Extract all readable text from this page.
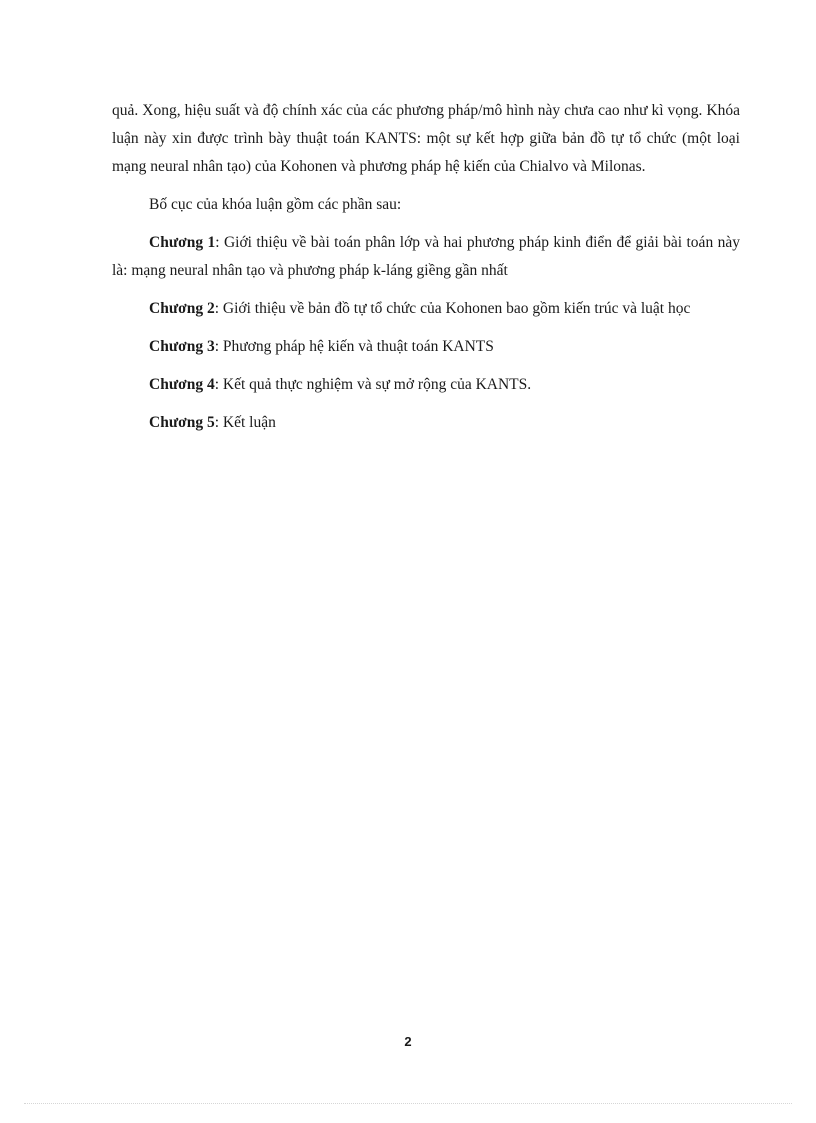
quả. Xong, hiệu suất và độ chính xác của các phương pháp/mô hình này chưa cao như kì vọng. Khóa luận này xin được trình bày thuật toán KANTS: một sự kết hợp giữa bản đồ tự tổ chức (một loại mạng neural nhân tạo) của Kohonen và phương pháp hệ kiến của Chialvo và Milonas.

Bố cục của khóa luận gồm các phần sau:

Chương 1: Giới thiệu về bài toán phân lớp và hai phương pháp kinh điển để giải bài toán này là: mạng neural nhân tạo và phương pháp k-láng giềng gần nhất

Chương 2: Giới thiệu về bản đồ tự tổ chức của Kohonen bao gồm kiến trúc và luật học

Chương 3: Phương pháp hệ kiến và thuật toán KANTS

Chương 4: Kết quả thực nghiệm và sự mở rộng của KANTS.

Chương 5: Kết luận

2
